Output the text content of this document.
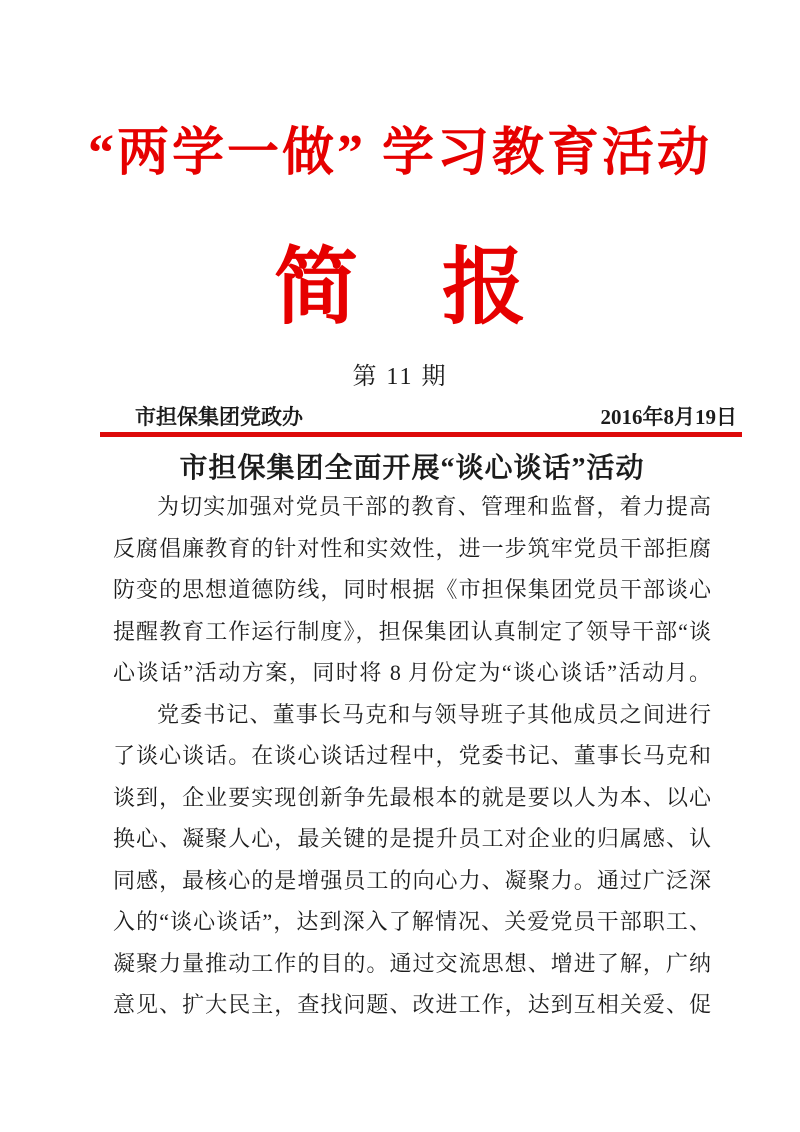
“两学一做” 学习教育活动
简　报
第 11 期
市担保集团党政办	2016年8月19日
市担保集团全面开展“谈心谈话”活动
为切实加强对党员干部的教育、管理和监督，着力提高
反腐倡廉教育的针对性和实效性，进一步筑牢党员干部拒腐
防变的思想道德防线，同时根据《市担保集团党员干部谈心
提醒教育工作运行制度》，担保集团认真制定了领导干部“谈
心谈话”活动方案，同时将 8 月份定为“谈心谈话”活动月。
党委书记、董事长马克和与领导班子其他成员之间进行
了谈心谈话。在谈心谈话过程中，党委书记、董事长马克和
谈到，企业要实现创新争先最根本的就是要以人为本、以心
换心、凝聚人心，最关键的是提升员工对企业的归属感、认
同感，最核心的是增强员工的向心力、凝聚力。通过广泛深
入的“谈心谈话”，达到深入了解情况、关爱党员干部职工、
凝聚力量推动工作的目的。通过交流思想、增进了解，广纳
意见、扩大民主，查找问题、改进工作，达到互相关爱、促
